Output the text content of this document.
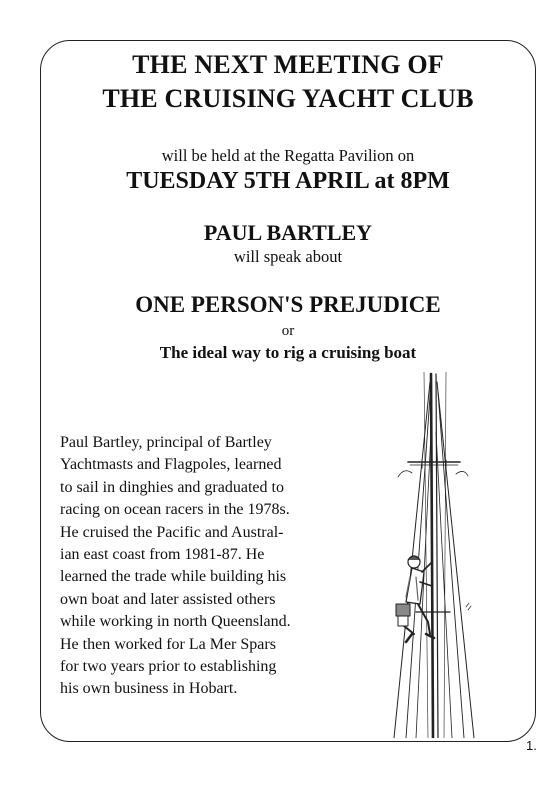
THE NEXT MEETING OF
THE CRUISING YACHT CLUB
will be held at the Regatta Pavilion on
TUESDAY 5TH APRIL at 8PM
PAUL BARTLEY
will speak about
ONE PERSON'S PREJUDICE
or
The ideal way to rig a cruising boat
Paul Bartley, principal of Bartley
Yachtmasts and Flagpoles, learned
to sail in dinghies and graduated to
racing on ocean racers in the 1978s.
He cruised the Pacific and Austral-
ian east coast from 1981-87. He
learned the trade while building his
own boat and later assisted others
while working in north Queensland.
He then worked for La Mer Spars
for two years prior to establishing
his own business in Hobart.
1.
